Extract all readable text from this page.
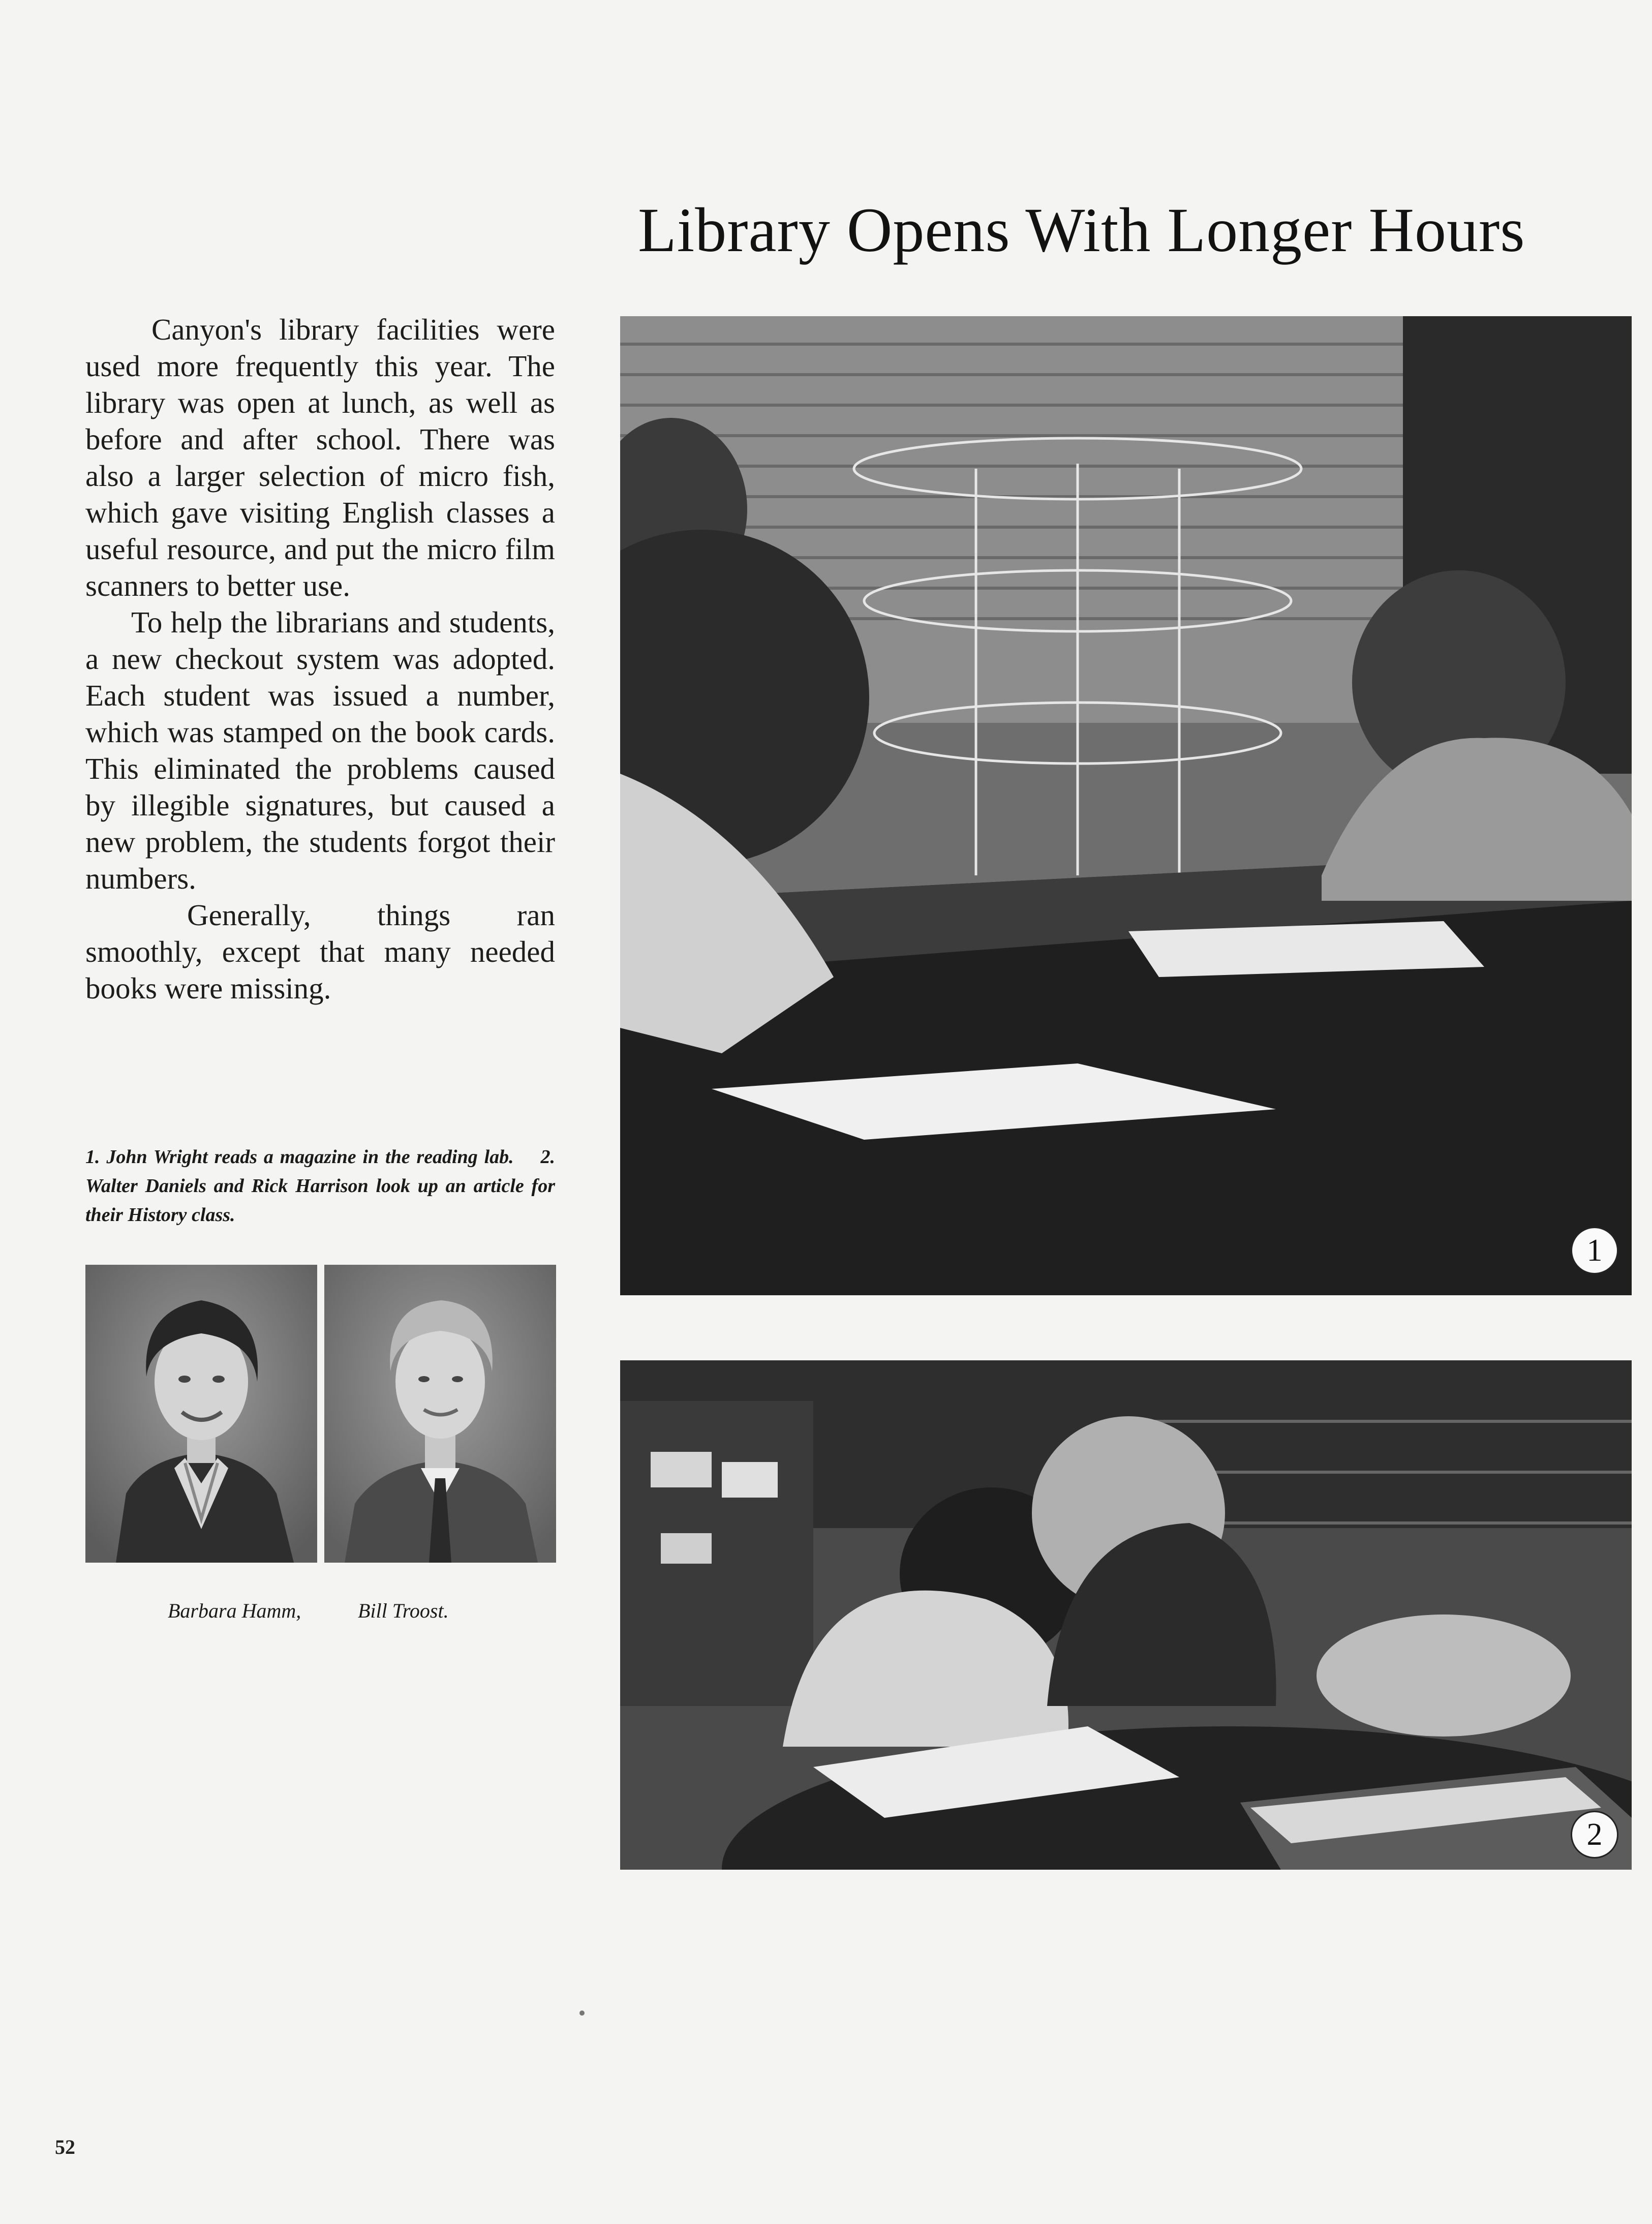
Library Opens With Longer Hours

Canyon's library facilities were used more frequently this year. The library was open at lunch, as well as before and after school. There was also a larger selection of micro fish, which gave visiting English classes a useful resource, and put the micro film scanners to better use.

To help the librarians and students, a new checkout system was adopted. Each student was issued a number, which was stamped on the book cards. This eliminated the problems caused by illegible signatures, but caused a new problem, the students forgot their numbers.

Generally, things ran smoothly, except that many needed books were missing.

1. John Wright reads a magazine in the reading lab. 2. Walter Daniels and Rick Harrison look up an article for their History class.
Barbara Hamm,	Bill Troost.
1
2
52
